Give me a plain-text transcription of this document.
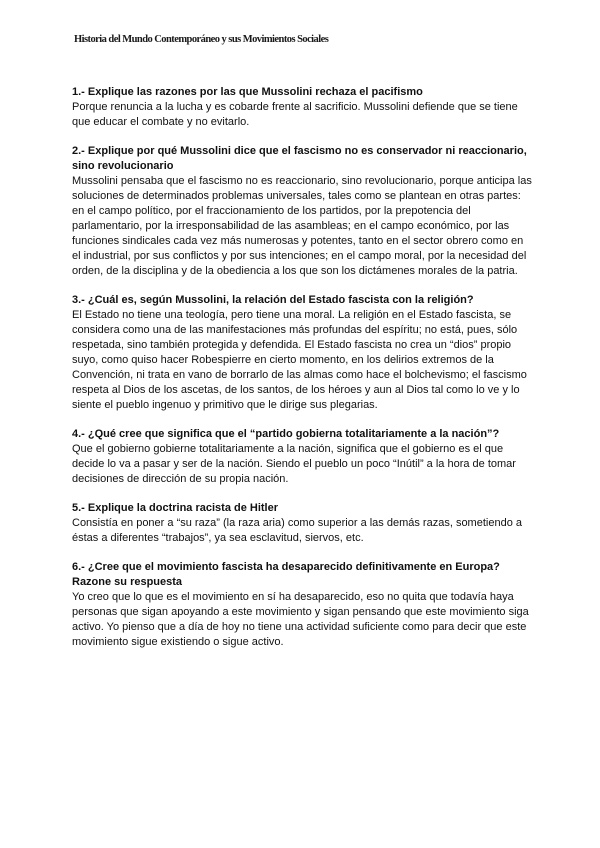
Historia del Mundo Contemporáneo y sus Movimientos Sociales

1.- Explique las razones por las que Mussolini rechaza el pacifismo

Porque renuncia a la lucha y es cobarde frente al sacrificio. Mussolini defiende que se tiene que educar el combate y no evitarlo.

2.- Explique por qué Mussolini dice que el fascismo no es conservador ni reaccionario, sino revolucionario

Mussolini pensaba que el fascismo no es reaccionario, sino revolucionario, porque anticipa las soluciones de determinados problemas universales, tales como se plantean en otras partes: en el campo político, por el fraccionamiento de los partidos, por la prepotencia del parlamentario, por la irresponsabilidad de las asambleas; en el campo económico, por las funciones sindicales cada vez más numerosas y potentes, tanto en el sector obrero como en el industrial, por sus conflictos y por sus intenciones; en el campo moral, por la necesidad del orden, de la disciplina y de la obediencia a los que son los dictámenes morales de la patria.

3.- ¿Cuál es, según Mussolini, la relación del Estado fascista con la religión?

El Estado no tiene una teología, pero tiene una moral. La religión en el Estado fascista, se considera como una de las manifestaciones más profundas del espíritu; no está, pues, sólo respetada, sino también protegida y defendida. El Estado fascista no crea un “dios” propio suyo, como quiso hacer Robespierre en cierto momento, en los delirios extremos de la Convención, ni trata en vano de borrarlo de las almas como hace el bolchevismo; el fascismo respeta al Dios de los ascetas, de los santos, de los héroes y aun al Dios tal como lo ve y lo siente el pueblo ingenuo y primitivo que le dirige sus plegarias.

4.- ¿Qué cree que significa que el “partido gobierna totalitariamente a la nación”?

Que el gobierno gobierne totalitariamente a la nación, significa que el gobierno es el que decide lo va a pasar y ser de la nación. Siendo el pueblo un poco “Inútil” a la hora de tomar decisiones de dirección de su propia nación.

5.- Explique la doctrina racista de Hitler

Consistía en poner a “su raza” (la raza aria) como superior a las demás razas, sometiendo a éstas a diferentes “trabajos”, ya sea esclavitud, siervos, etc.

6.- ¿Cree que el movimiento fascista ha desaparecido definitivamente en Europa? Razone su respuesta

Yo creo que lo que es el movimiento en sí ha desaparecido, eso no quita que todavía haya personas que sigan apoyando a este movimiento y sigan pensando que este movimiento siga activo. Yo pienso que a día de hoy no tiene una actividad suficiente como para decir que este movimiento sigue existiendo o sigue activo.
